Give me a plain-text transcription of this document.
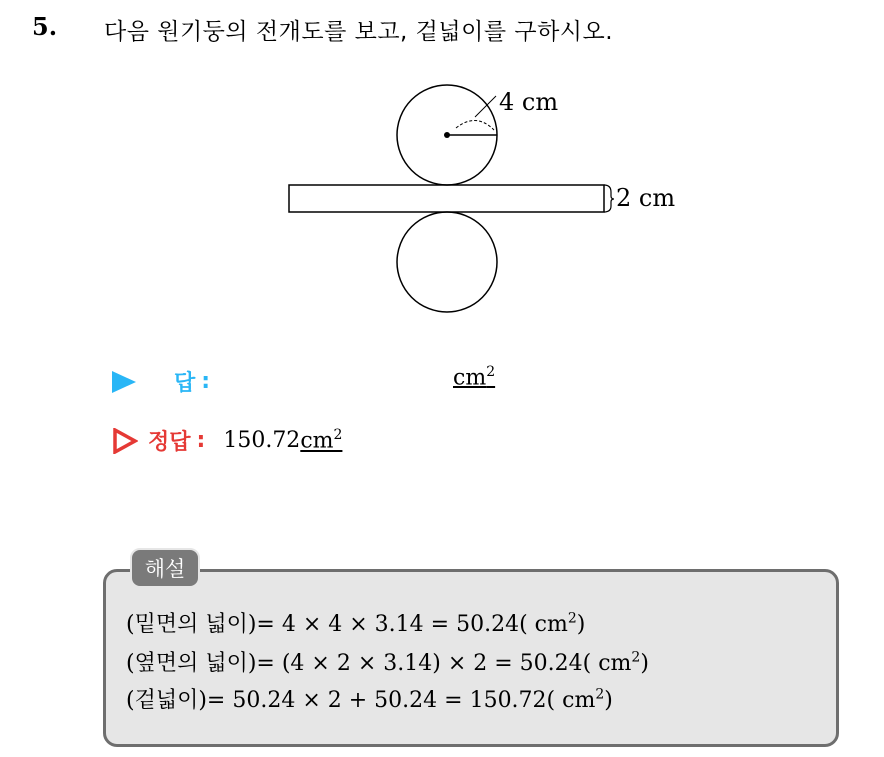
5. 다음 원기둥의 전개도를 보고, 겉넓이를 구하시오.
4 cm
2 cm
답 :	$cm^2$
정답 : 150.72 $cm^2$
해설
(밑면의 넓이)= 4 × 4 × 3.14 = 50.24( $cm^2$)
(옆면의 넓이)= (4 × 2 × 3.14) × 2 = 50.24( $cm^2$)
(겉넓이)= 50.24 × 2 + 50.24 = 150.72( $cm^2$)
